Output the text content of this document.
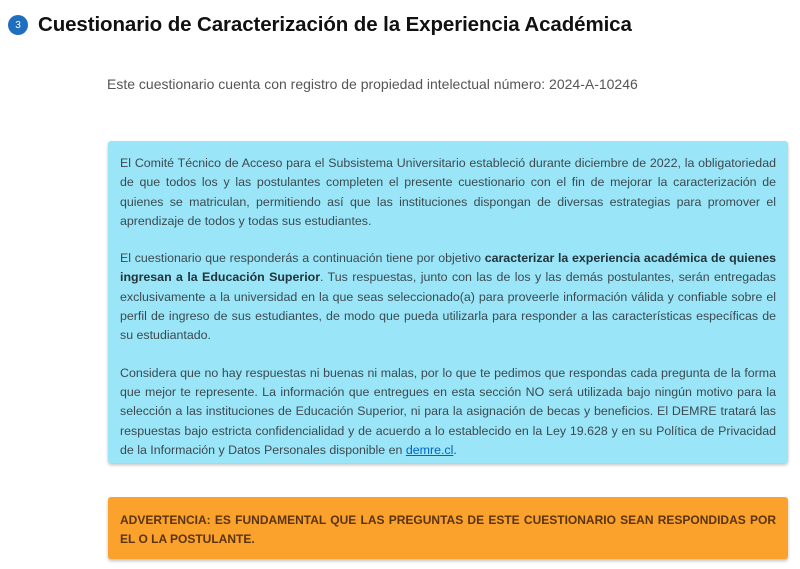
3 Cuestionario de Caracterización de la Experiencia Académica
Este cuestionario cuenta con registro de propiedad intelectual número: 2024-A-10246

El Comité Técnico de Acceso para el Subsistema Universitario estableció durante diciembre de 2022, la obligatoriedad de que todos los y las postulantes completen el presente cuestionario con el fin de mejorar la caracterización de quienes se matriculan, permitiendo así que las instituciones dispongan de diversas estrategias para promover el aprendizaje de todos y todas sus estudiantes.

El cuestionario que responderás a continuación tiene por objetivo caracterizar la experiencia académica de quienes ingresan a la Educación Superior. Tus respuestas, junto con las de los y las demás postulantes, serán entregadas exclusivamente a la universidad en la que seas seleccionado(a) para proveerle información válida y confiable sobre el perfil de ingreso de sus estudiantes, de modo que pueda utilizarla para responder a las características específicas de su estudiantado.

Considera que no hay respuestas ni buenas ni malas, por lo que te pedimos que respondas cada pregunta de la forma que mejor te represente. La información que entregues en esta sección NO será utilizada bajo ningún motivo para la selección a las instituciones de Educación Superior, ni para la asignación de becas y beneficios. El DEMRE tratará las respuestas bajo estricta confidencialidad y de acuerdo a lo establecido en la Ley 19.628 y en su Política de Privacidad de la Información y Datos Personales disponible en demre.cl.

ADVERTENCIA: ES FUNDAMENTAL QUE LAS PREGUNTAS DE ESTE CUESTIONARIO SEAN RESPONDIDAS POR EL O LA POSTULANTE.
